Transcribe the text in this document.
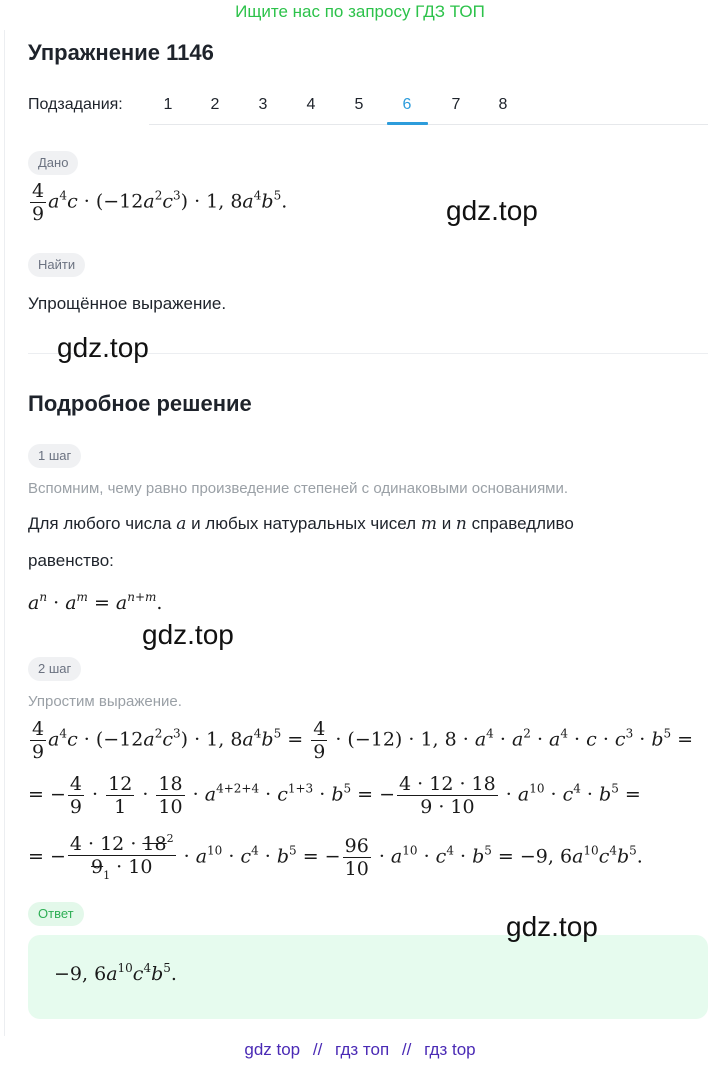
Ищите нас по запросу ГДЗ ТОП
Упражнение 1146
Подзадания:	1	2	3	4	5	6	7	8
Дано
$\frac{4}{9} a^4c \cdot (-12a^2c^3) \cdot 1$, $8a^4b^5$.
Найти

Упрощённое выражение.

Подробное решение
1 шаг

Вспомним, чему равно произведение степеней с одинаковыми основаниями.

Для любого числа a и любых натуральных чисел m и n справедливо

равенство:

$a^n \cdot a^m = a^{n+m}$.
2 шаг

Упростим выражение.

$\frac{4}{9} a^4c \cdot (-12a^2c^3) \cdot 1$, $8a^4b^5 = \frac{4}{9} \cdot (-12) \cdot 1$, $8 \cdot a^4 \cdot a^2 \cdot a^4 \cdot c \cdot c^3 \cdot b^5$ =
= − $\frac{4}{9} \cdot \frac{12}{1} \cdot \frac{18}{10} \cdot a^{4+2+4} \cdot c^{1+3} \cdot b^5$ = − $\frac{4 \cdot 12 \cdot 18}{9 \cdot 10} \cdot a^{10} \cdot c^4 \cdot b^5$ =
= − $\frac{4 \cdot 12 \cdot 18^2}{9_1 \cdot 10} \cdot a^{10} \cdot c^4 \cdot b^5$ = − $\frac{96}{10} \cdot a^{10} \cdot c^4 \cdot b^5 = -9$, $6a^{10}c^4b^5$.
Ответ
−9, $6a^{10}c^4b^5$.
gdz.top
gdz.top
gdz.top
gdz.top
gdz top // гдз топ // гдз top
